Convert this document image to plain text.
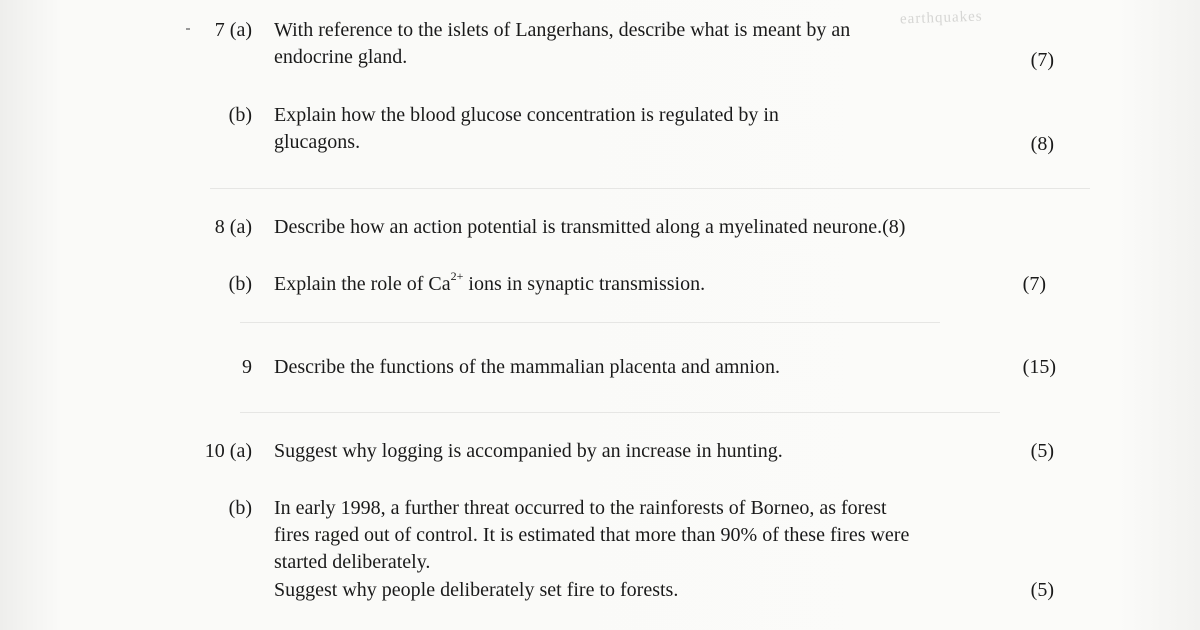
earthquakes
7 (a) With reference to the islets of Langerhans, describe what is meant by an
endocrine gland.	(7)
(b) Explain how the blood glucose concentration is regulated by in
glucagons.	(8)
8 (a) Describe how an action potential is transmitted along a myelinated neurone.(8)
(b) Explain the role of $Ca^{2+}$ ions in synaptic transmission.	(7)
9 Describe the functions of the mammalian placenta and amnion.	(15)
10 (a) Suggest why logging is accompanied by an increase in hunting.	(5)
(b) In early 1998, a further threat occurred to the rainforests of Borneo, as forest
fires raged out of control. It is estimated that more than 90% of these fires were
started deliberately.
Suggest why people deliberately set fire to forests.	(5)
